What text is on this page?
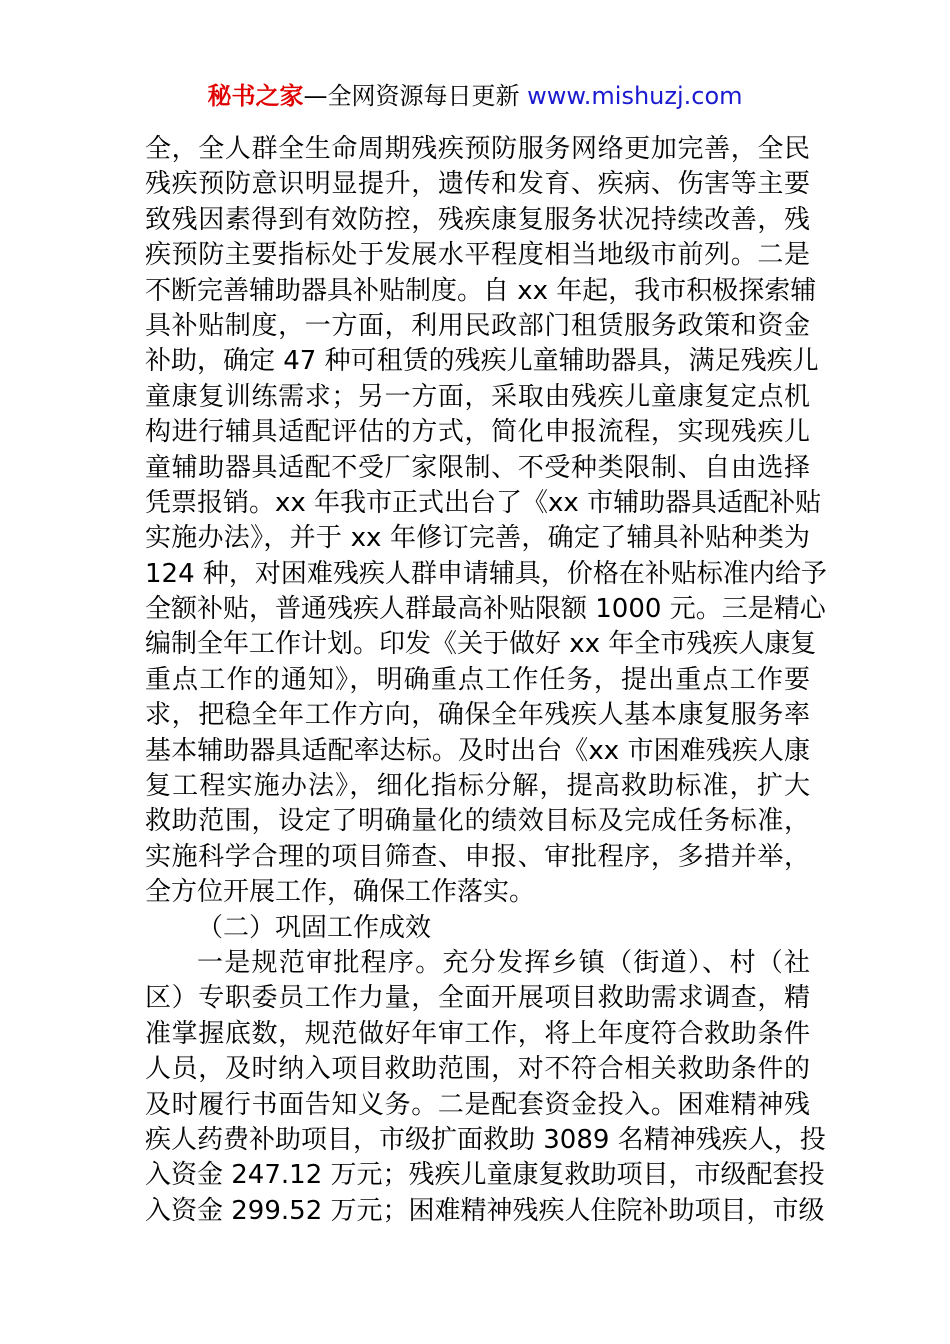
秘书之家—全网资源每日更新 www.mishuzj.com
全，全人群全生命周期残疾预防服务网络更加完善，全民
残疾预防意识明显提升，遗传和发育、疾病、伤害等主要
致残因素得到有效防控，残疾康复服务状况持续改善，残
疾预防主要指标处于发展水平程度相当地级市前列。二是
不断完善辅助器具补贴制度。自 xx 年起，我市积极探索辅
具补贴制度，一方面，利用民政部门租赁服务政策和资金
补助，确定 47 种可租赁的残疾儿童辅助器具，满足残疾儿
童康复训练需求；另一方面，采取由残疾儿童康复定点机
构进行辅具适配评估的方式，简化申报流程，实现残疾儿
童辅助器具适配不受厂家限制、不受种类限制、自由选择
凭票报销。xx 年我市正式出台了《xx 市辅助器具适配补贴
实施办法》，并于 xx 年修订完善，确定了辅具补贴种类为
124 种，对困难残疾人群申请辅具，价格在补贴标准内给予
全额补贴，普通残疾人群最高补贴限额 1000 元。三是精心
编制全年工作计划。印发《关于做好 xx 年全市残疾人康复
重点工作的通知》，明确重点工作任务，提出重点工作要
求，把稳全年工作方向，确保全年残疾人基本康复服务率
基本辅助器具适配率达标。及时出台《xx 市困难残疾人康
复工程实施办法》，细化指标分解，提高救助标准，扩大
救助范围，设定了明确量化的绩效目标及完成任务标准，
实施科学合理的项目筛查、申报、审批程序，多措并举，
全方位开展工作，确保工作落实。
（二）巩固工作成效
一是规范审批程序。充分发挥乡镇（街道）、村（社
区）专职委员工作力量，全面开展项目救助需求调查，精
准掌握底数，规范做好年审工作，将上年度符合救助条件
人员，及时纳入项目救助范围，对不符合相关救助条件的
及时履行书面告知义务。二是配套资金投入。困难精神残
疾人药费补助项目，市级扩面救助 3089 名精神残疾人，投
入资金 247.12 万元；残疾儿童康复救助项目，市级配套投
入资金 299.52 万元；困难精神残疾人住院补助项目，市级
